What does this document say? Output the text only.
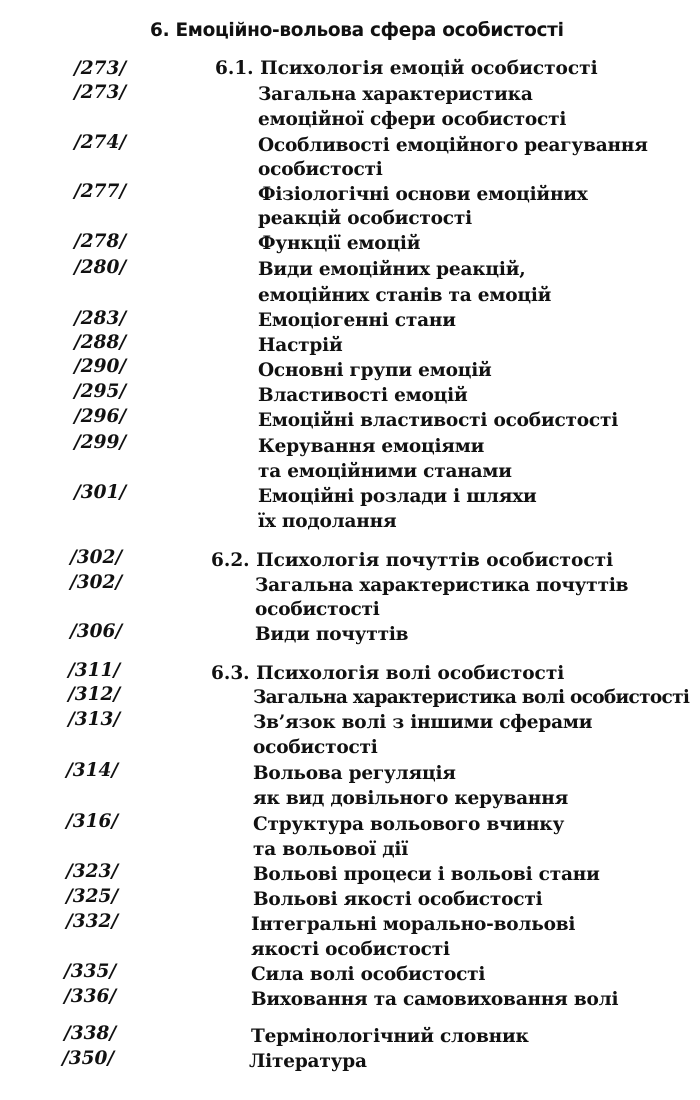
6. Емоційно-вольова сфера особистості
/273/	6.1. Психологія емоцій особистості
/273/	Загальна характеристика
емоційної сфери особистості
/274/	Особливості емоційного реагування
особистості
/277/	Фізіологічні основи емоційних
реакцій особистості
/278/	Функції емоцій
/280/	Види емоційних реакцій,
емоційних станів та емоцій
/283/	Емоціогенні стани
/288/	Настрій
/290/	Основні групи емоцій
/295/	Властивості емоцій
/296/	Емоційні властивості особистості
/299/	Керування емоціями
та емоційними станами
/301/	Емоційні розлади і шляхи
їх подолання
/302/	6.2. Психологія почуттів особистості
/302/	Загальна характеристика почуттів
особистості
/306/	Види почуттів
/311/	6.3. Психологія волі особистості
/312/	Загальна характеристика волі особистості
/313/	Зв’язок волі з іншими сферами
особистості
/314/	Вольова регуляція
як вид довільного керування
/316/	Структура вольового вчинку
та вольової дії
/323/	Вольові процеси і вольові стани
/325/	Вольові якості особистості
/332/	Інтегральні морально-вольові
якості особистості
/335/	Сила волі особистості
/336/	Виховання та самовиховання волі
/338/	Термінологічний словник
/350/	Література
